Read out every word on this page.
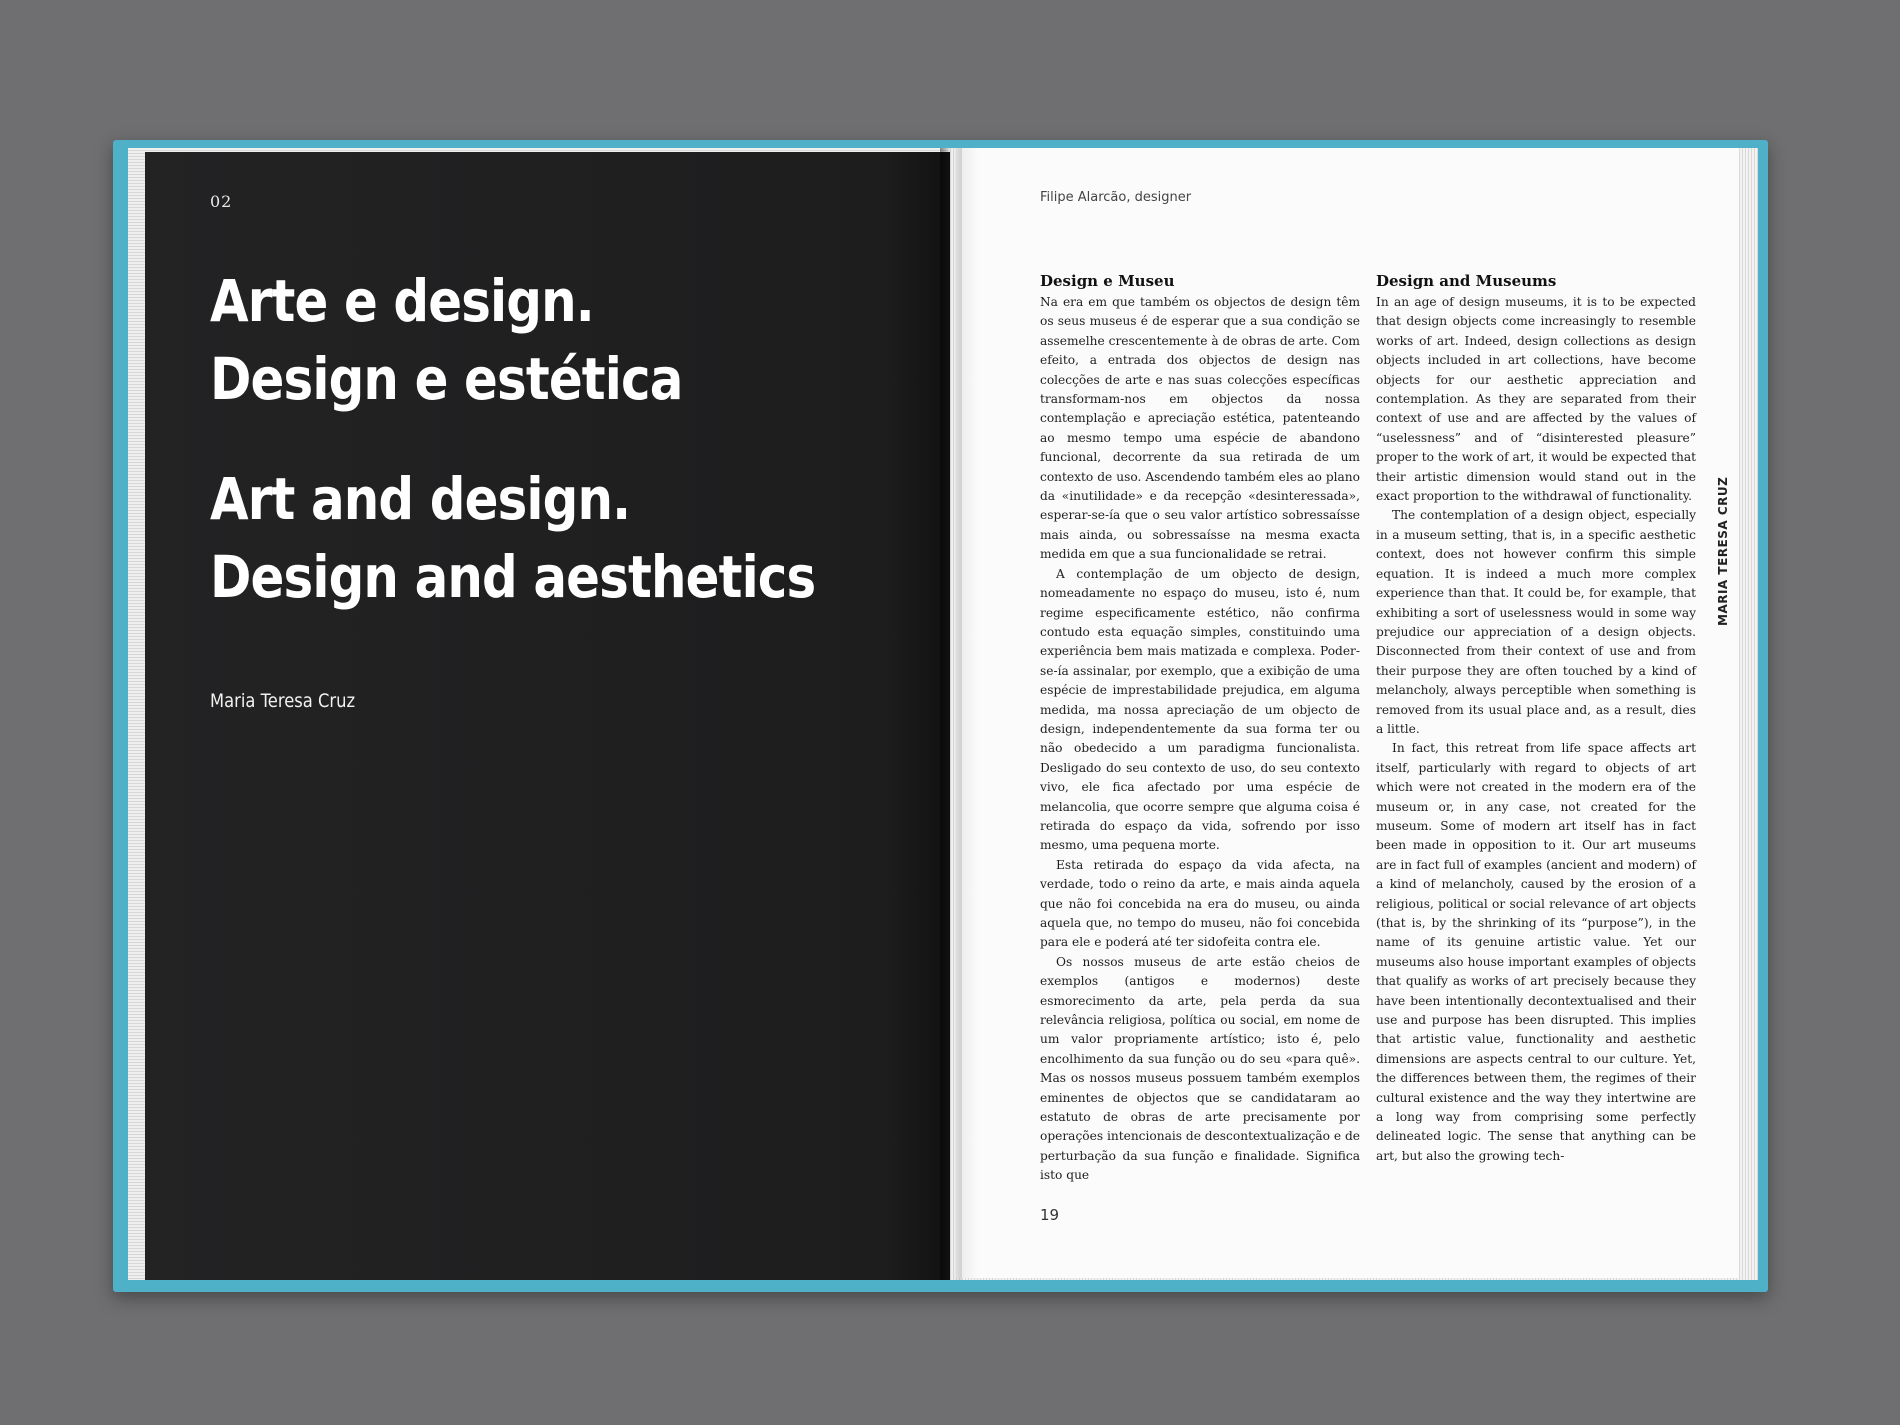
02
Arte e design.
Design e estética
Art and design.
Design and aesthetics
Maria Teresa Cruz
Filipe Alarcão, designer
Design e Museu

Na era em que também os objectos de design têm os seus museus é de esperar que a sua condição se assemelhe crescentemente à de obras de arte. Com efeito, a entrada dos objectos de design nas colecções de arte e nas suas colecções específicas transformam-nos em objectos da nossa contemplação e apreciação estética, patenteando ao mesmo tempo uma espécie de abandono funcional, decorrente da sua retirada de um contexto de uso. Ascendendo também eles ao plano da «inutilidade» e da recepção «desinteressada», esperar-se-ía que o seu valor artístico sobressaísse mais ainda, ou sobressaísse na mesma exacta medida em que a sua funcionalidade se retrai.

A contemplação de um objecto de design, nomeadamente no espaço do museu, isto é, num regime especificamente estético, não confirma contudo esta equação simples, constituindo uma experiência bem mais matizada e complexa. Poder-se-ía assinalar, por exemplo, que a exibição de uma espécie de imprestabilidade prejudica, em alguma medida, ma nossa apreciação de um objecto de design, independentemente da sua forma ter ou não obedecido a um paradigma funcionalista. Desligado do seu contexto de uso, do seu contexto vivo, ele fica afectado por uma espécie de melancolia, que ocorre sempre que alguma coisa é retirada do espaço da vida, sofrendo por isso mesmo, uma pequena morte.

Esta retirada do espaço da vida afecta, na verdade, todo o reino da arte, e mais ainda aquela que não foi concebida na era do museu, ou ainda aquela que, no tempo do museu, não foi concebida para ele e poderá até ter sidofeita contra ele.

Os nossos museus de arte estão cheios de exemplos (antigos e modernos) deste esmorecimento da arte, pela perda da sua relevância religiosa, política ou social, em nome de um valor propriamente artístico; isto é, pelo encolhimento da sua função ou do seu «para quê». Mas os nossos museus possuem também exemplos eminentes de objectos que se candidataram ao estatuto de obras de arte precisamente por operações intencionais de descontextualização e de perturbação da sua função e finalidade. Significa isto que

Design and Museums

In an age of design museums, it is to be expected that design objects come increasingly to resemble works of art. Indeed, design collections as design objects included in art collections, have become objects for our aesthetic appreciation and contemplation. As they are separated from their context of use and are affected by the values of “uselessness” and of “disinterested pleasure” proper to the work of art, it would be expected that their artistic dimension would stand out in the exact proportion to the withdrawal of functionality.

The contemplation of a design object, especially in a museum setting, that is, in a specific aesthetic context, does not however confirm this simple equation. It is indeed a much more complex experience than that. It could be, for example, that exhibiting a sort of uselessness would in some way prejudice our appreciation of a design objects. Disconnected from their context of use and from their purpose they are often touched by a kind of melancholy, always perceptible when something is removed from its usual place and, as a result, dies a little.

In fact, this retreat from life space affects art itself, particularly with regard to objects of art which were not created in the modern era of the museum or, in any case, not created for the museum. Some of modern art itself has in fact been made in opposition to it. Our art museums are in fact full of examples (ancient and modern) of a kind of melancholy, caused by the erosion of a religious, political or social relevance of art objects (that is, by the shrinking of its “purpose”), in the name of its genuine artistic value. Yet our museums also house important examples of objects that qualify as works of art precisely because they have been intentionally decontextualised and their use and purpose has been disrupted. This implies that artistic value, functionality and aesthetic dimensions are aspects central to our culture. Yet, the differences between them, the regimes of their cultural existence and the way they intertwine are a long way from comprising some perfectly delineated logic. The sense that anything can be art, but also the growing tech-

MARIA TERESA CRUZ
19
